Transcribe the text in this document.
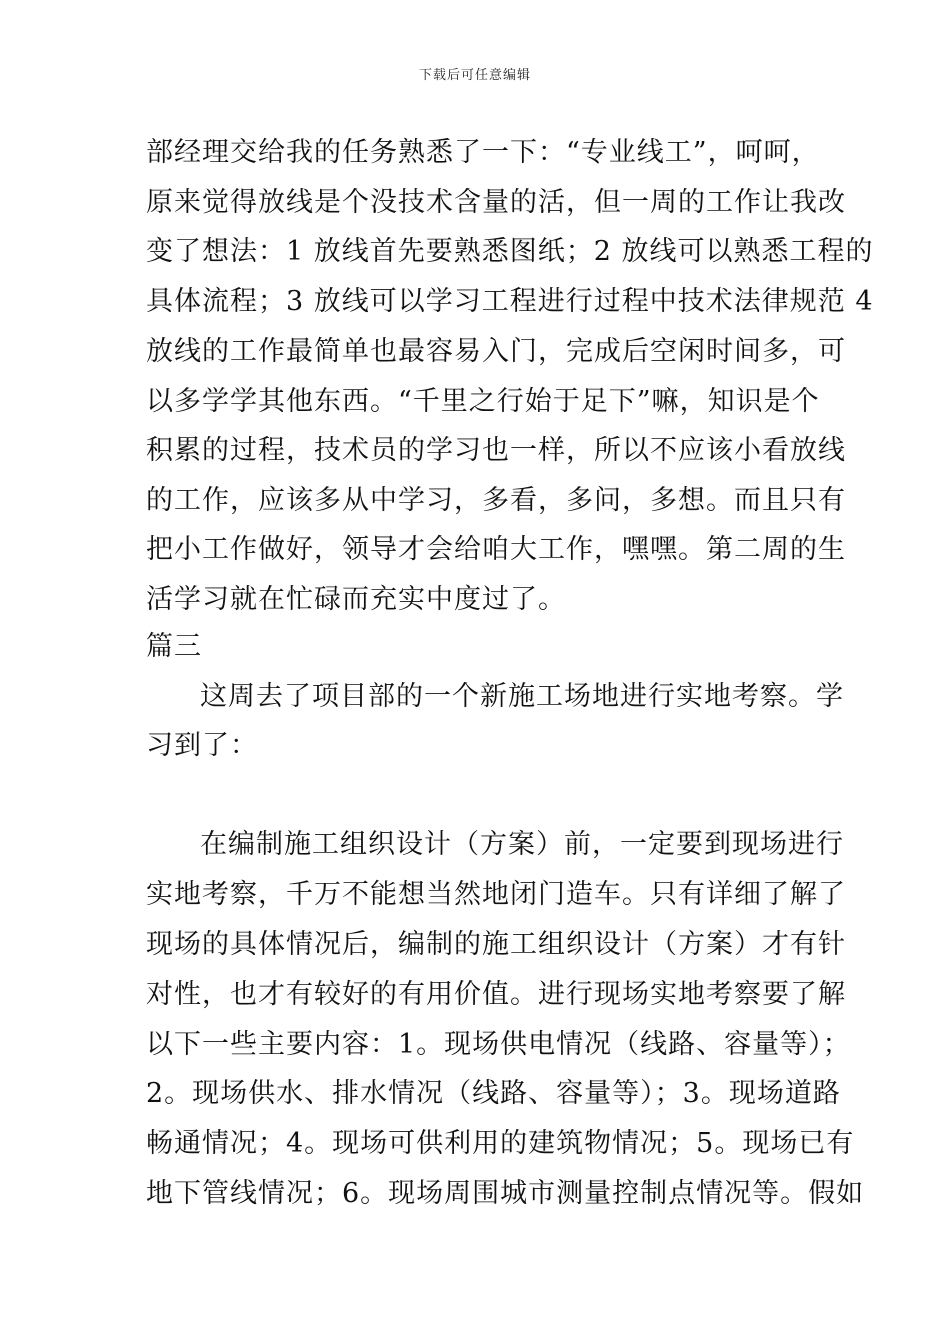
下载后可任意编辑
部经理交给我的任务熟悉了一下：“专业线工”，呵呵，
原来觉得放线是个没技术含量的活，但一周的工作让我改
变了想法：1 放线首先要熟悉图纸；2 放线可以熟悉工程的
具体流程；3 放线可以学习工程进行过程中技术法律规范 4
放线的工作最简单也最容易入门，完成后空闲时间多，可
以多学学其他东西。“千里之行始于足下”嘛，知识是个
积累的过程，技术员的学习也一样，所以不应该小看放线
的工作，应该多从中学习，多看，多问，多想。而且只有
把小工作做好，领导才会给咱大工作，嘿嘿。第二周的生
活学习就在忙碌而充实中度过了。
篇三
这周去了项目部的一个新施工场地进行实地考察。学
习到了：
在编制施工组织设计（方案）前，一定要到现场进行
实地考察，千万不能想当然地闭门造车。只有详细了解了
现场的具体情况后，编制的施工组织设计（方案）才有针
对性，也才有较好的有用价值。进行现场实地考察要了解
以下一些主要内容：1。现场供电情况（线路、容量等）；
2。现场供水、排水情况（线路、容量等）；3。现场道路
畅通情况；4。现场可供利用的建筑物情况；5。现场已有
地下管线情况；6。现场周围城市测量控制点情况等。假如
